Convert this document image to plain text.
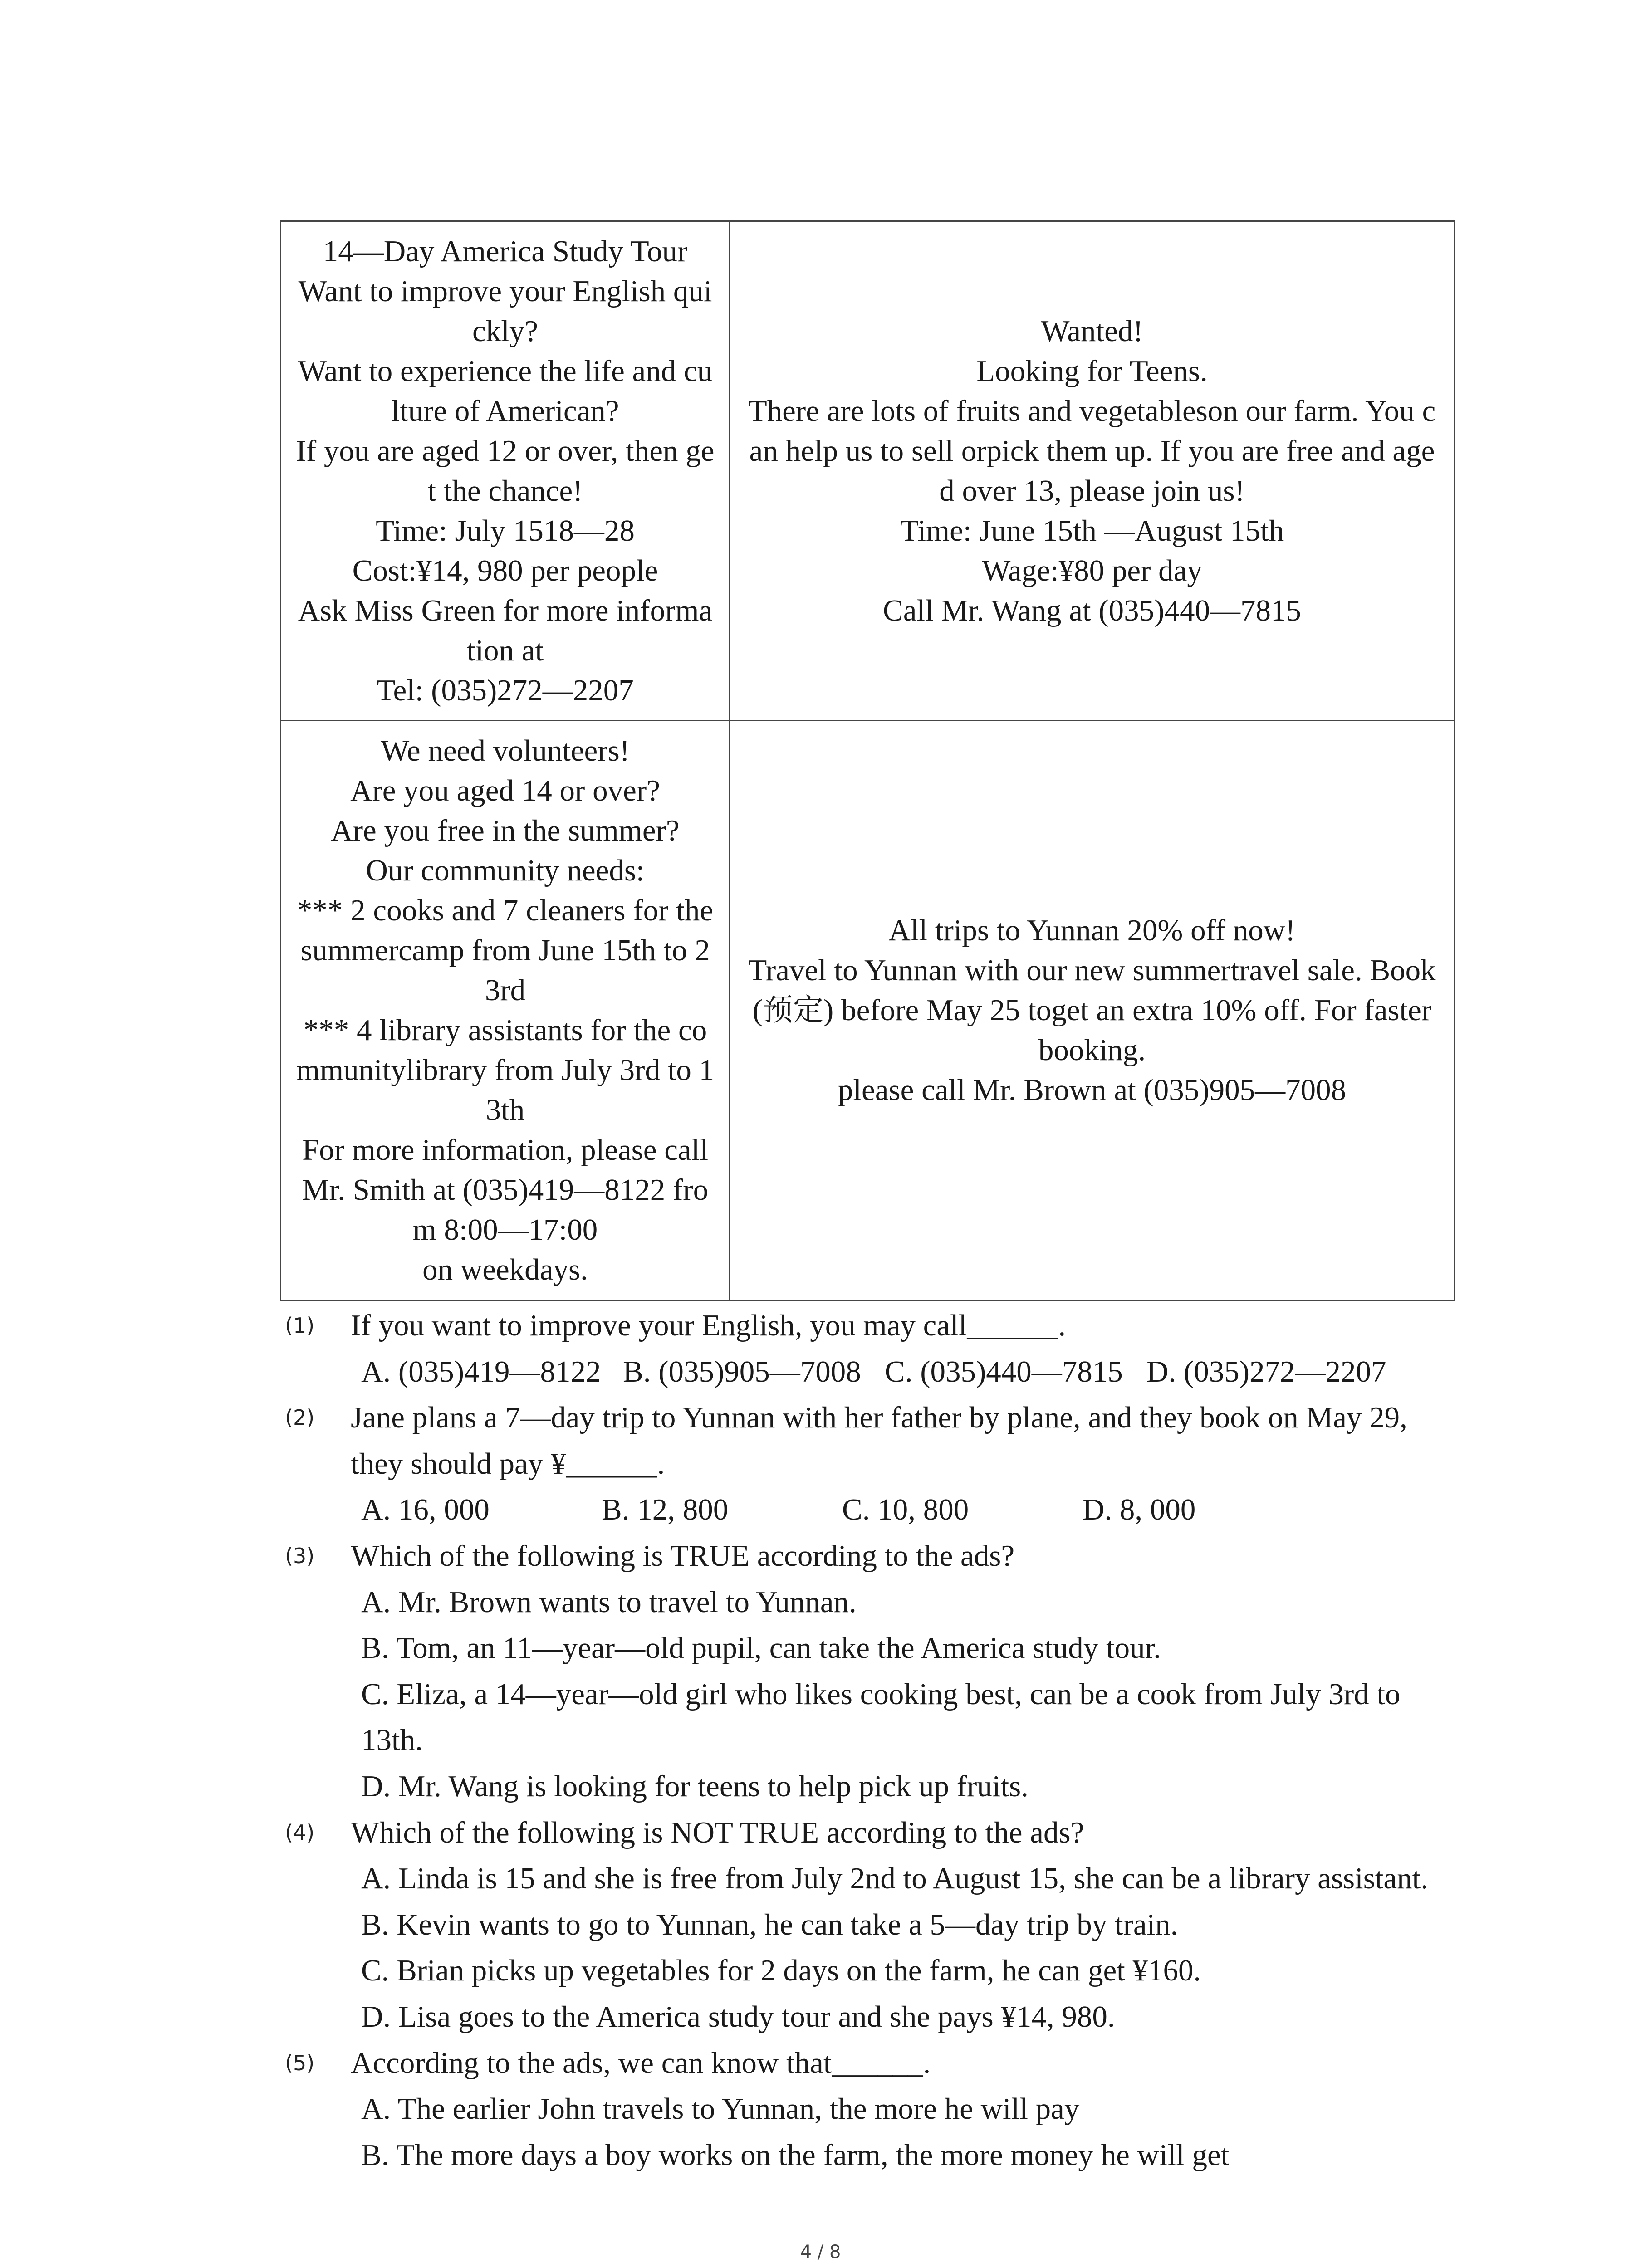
14—Day America Study Tour
Want to improve your English qui
ckly?
Want to experience the life and cu
lture of American?
If you are aged 12 or over, then ge
t the chance!
Time: July 1518—28
Cost:¥14, 980 per people
Ask Miss Green for more informa
tion at
Tel: (035)272—2207
Wanted!
Looking for Teens.
There are lots of fruits and vegetableson our farm. You c
an help us to sell orpick them up. If you are free and age
d over 13, please join us!
Time: June 15th —August 15th
Wage:¥80 per day
Call Mr. Wang at (035)440—7815
We need volunteers!
Are you aged 14 or over?
Are you free in the summer?
Our community needs:
*** 2 cooks and 7 cleaners for the
summercamp from June 15th to 2
3rd
*** 4 library assistants for the co
mmunitylibrary from July 3rd to 1
3th
For more information, please call
Mr. Smith at (035)419—8122 fro
m 8:00—17:00
on weekdays.
All trips to Yunnan 20% off now!
Travel to Yunnan with our new summertravel sale. Book
(预定) before May 25 toget an extra 10% off. For faster
booking.
please call Mr. Brown at (035)905—7008
(1) If you want to improve your English, you may call______.
A. (035)419—8122 B. (035)905—7008 C. (035)440—7815 D. (035)272—2207
(2) Jane plans a 7—day trip to Yunnan with her father by plane, and they book on May 29, they should pay ¥______.
A. 16, 000	B. 12, 800	C. 10, 800	D. 8, 000
(3) Which of the following is TRUE according to the ads?
A. Mr. Brown wants to travel to Yunnan.
B. Tom, an 11—year—old pupil, can take the America study tour.
C. Eliza, a 14—year—old girl who likes cooking best, can be a cook from July 3rd to 13th.
D. Mr. Wang is looking for teens to help pick up fruits.
(4) Which of the following is NOT TRUE according to the ads?
A. Linda is 15 and she is free from July 2nd to August 15, she can be a library assistant.
B. Kevin wants to go to Yunnan, he can take a 5—day trip by train.
C. Brian picks up vegetables for 2 days on the farm, he can get ¥160.
D. Lisa goes to the America study tour and she pays ¥14, 980.
(5) According to the ads, we can know that______.
A. The earlier John travels to Yunnan, the more he will pay
B. The more days a boy works on the farm, the more money he will get
4 / 8
